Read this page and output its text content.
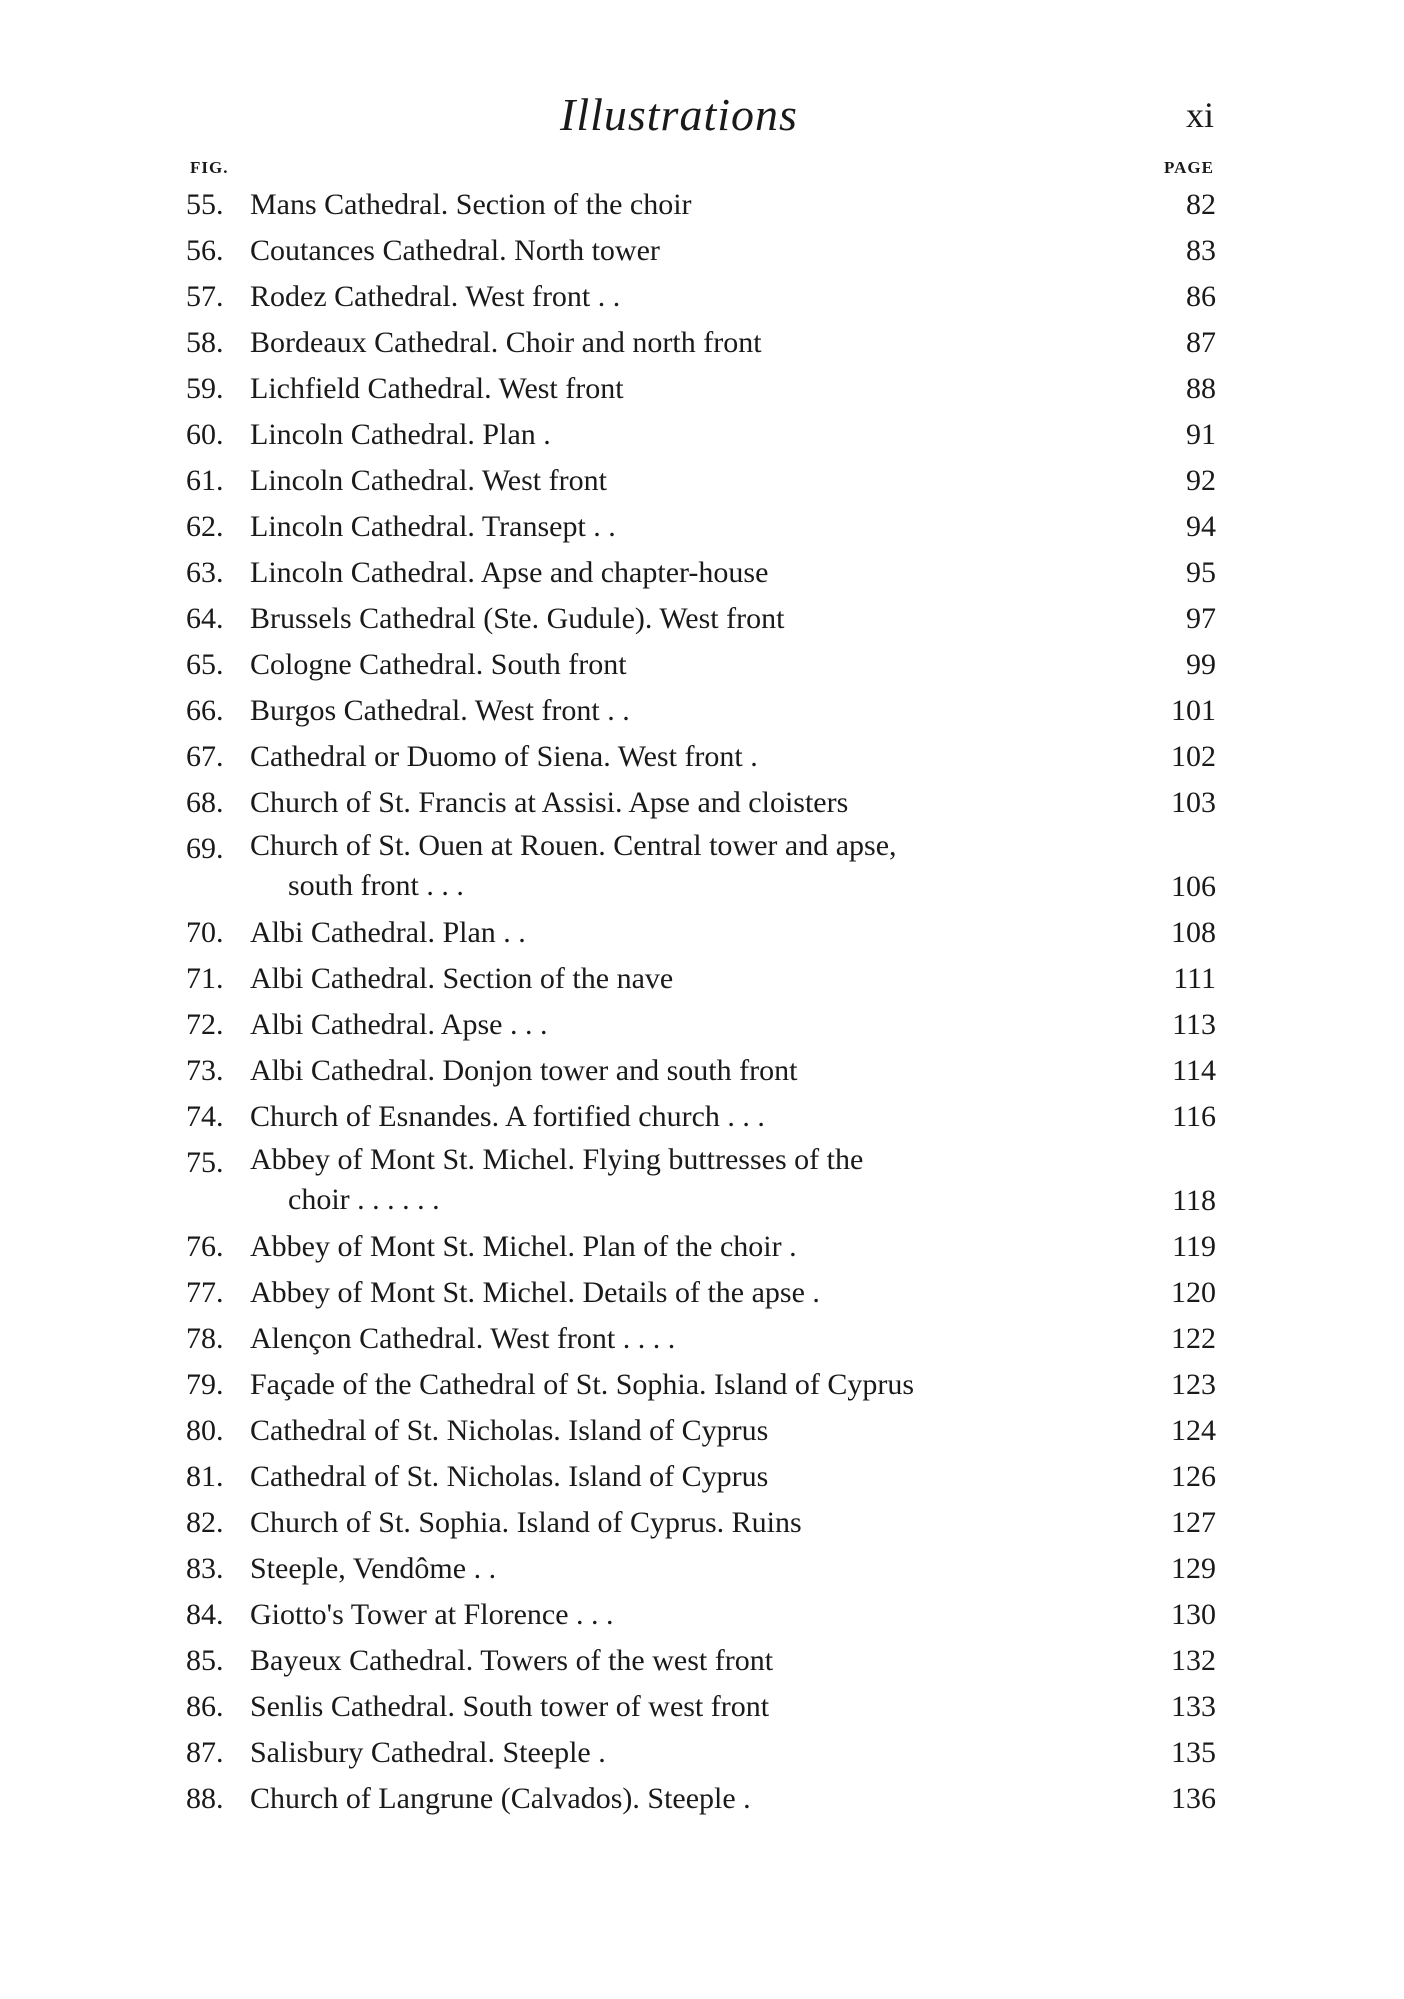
Illustrations	xi
FIG.	PAGE
55. Mans Cathedral. Section of the choir	82
56. Coutances Cathedral. North tower	83
57. Rodez Cathedral. West front . .	86
58. Bordeaux Cathedral. Choir and north front	87
59. Lichfield Cathedral. West front	88
60. Lincoln Cathedral. Plan .	91
61. Lincoln Cathedral. West front	92
62. Lincoln Cathedral. Transept . .	94
63. Lincoln Cathedral. Apse and chapter-house	95
64. Brussels Cathedral (Ste. Gudule). West front	97
65. Cologne Cathedral. South front	99
66. Burgos Cathedral. West front . .	101
67. Cathedral or Duomo of Siena. West front .	102
68. Church of St. Francis at Assisi. Apse and cloisters	103
69. Church of St. Ouen at Rouen. Central tower and apse,
south front . . .	106
70. Albi Cathedral. Plan . .	108
71. Albi Cathedral. Section of the nave	111
72. Albi Cathedral. Apse . . .	113
73. Albi Cathedral. Donjon tower and south front	114
74. Church of Esnandes. A fortified church . . .	116
75. Abbey of Mont St. Michel. Flying buttresses of the
choir . . . . . .	118
76. Abbey of Mont St. Michel. Plan of the choir .	119
77. Abbey of Mont St. Michel. Details of the apse .	120
78. Alençon Cathedral. West front . . . .	122
79. Façade of the Cathedral of St. Sophia. Island of Cyprus	123
80. Cathedral of St. Nicholas. Island of Cyprus	124
81. Cathedral of St. Nicholas. Island of Cyprus	126
82. Church of St. Sophia. Island of Cyprus. Ruins	127
83. Steeple, Vendôme . .	129
84. Giotto's Tower at Florence . . .	130
85. Bayeux Cathedral. Towers of the west front	132
86. Senlis Cathedral. South tower of west front	133
87. Salisbury Cathedral. Steeple .	135
88. Church of Langrune (Calvados). Steeple .	136
